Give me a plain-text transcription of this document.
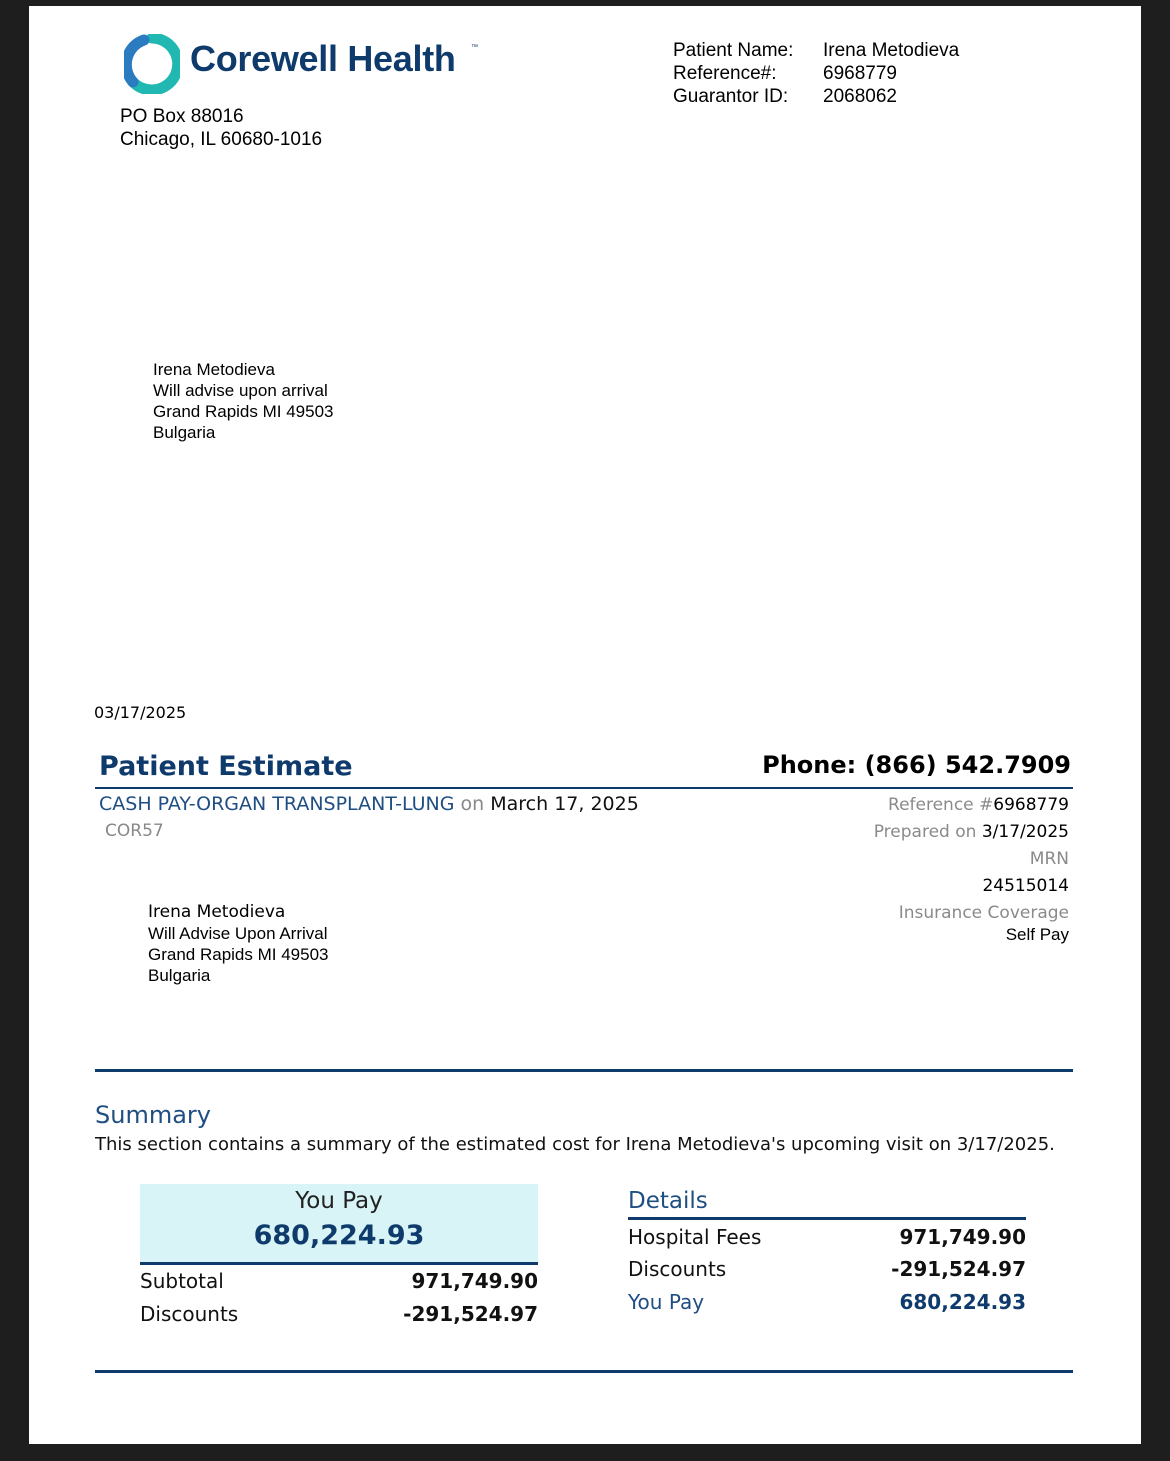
Corewell Health ™
PO Box 88016
Chicago, IL 60680-1016
Patient Name: Irena Metodieva
Reference#: 6968779
Guarantor ID: 2068062
Irena Metodieva
Will advise upon arrival
Grand Rapids MI 49503
Bulgaria
03/17/2025
Patient Estimate	Phone: (866) 542.7909
CASH PAY-ORGAN TRANSPLANT-LUNG on March 17, 2025
COR57
Reference #6968779
Prepared on 3/17/2025
MRN
24515014
Insurance Coverage
Self Pay
Irena Metodieva
Will Advise Upon Arrival
Grand Rapids MI 49503
Bulgaria
Summary
This section contains a summary of the estimated cost for Irena Metodieva's upcoming visit on 3/17/2025.
You Pay
680,224.93
Subtotal	971,749.90
Discounts	-291,524.97
Details
Hospital Fees	971,749.90
Discounts	-291,524.97
You Pay	680,224.93
